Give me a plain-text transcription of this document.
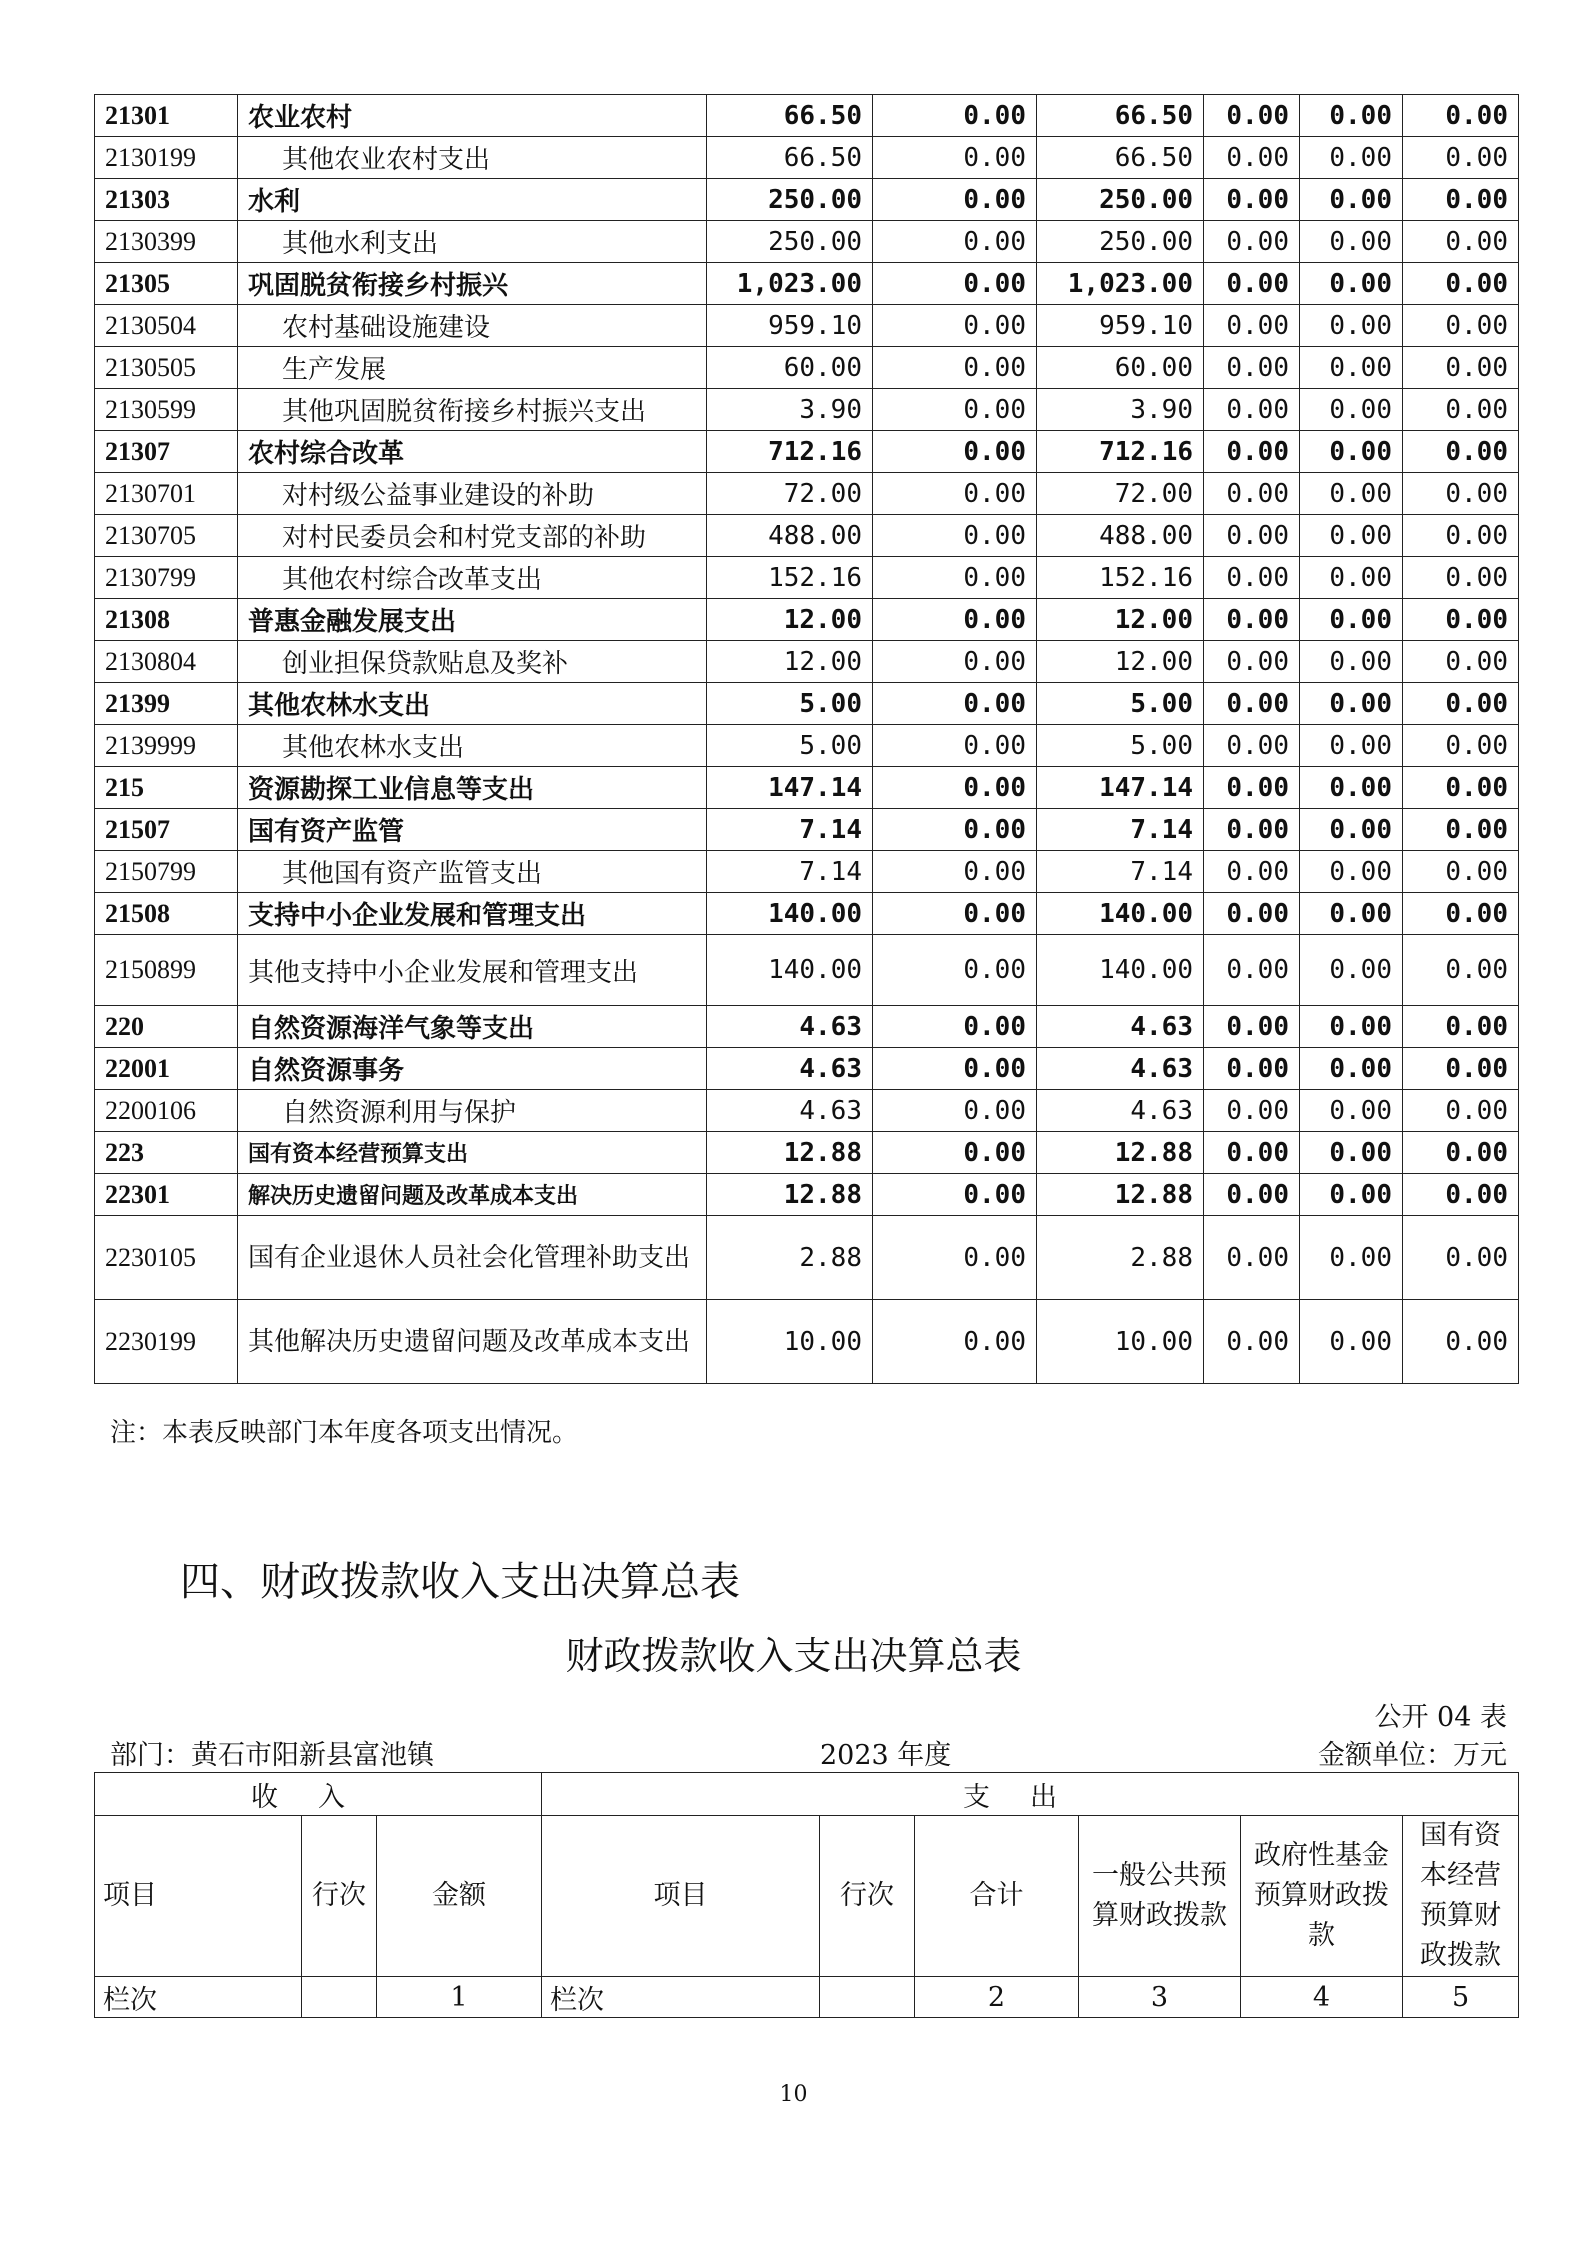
21301	农业农村	66.50	0.00	66.50	0.00	0.00	0.00
2130199	其他农业农村支出	66.50	0.00	66.50	0.00	0.00	0.00
21303	水利	250.00	0.00	250.00	0.00	0.00	0.00
2130399	其他水利支出	250.00	0.00	250.00	0.00	0.00	0.00
21305	巩固脱贫衔接乡村振兴	1,023.00	0.00	1,023.00	0.00	0.00	0.00
2130504	农村基础设施建设	959.10	0.00	959.10	0.00	0.00	0.00
2130505	生产发展	60.00	0.00	60.00	0.00	0.00	0.00
2130599	其他巩固脱贫衔接乡村振兴支出	3.90	0.00	3.90	0.00	0.00	0.00
21307	农村综合改革	712.16	0.00	712.16	0.00	0.00	0.00
2130701	对村级公益事业建设的补助	72.00	0.00	72.00	0.00	0.00	0.00
2130705	对村民委员会和村党支部的补助	488.00	0.00	488.00	0.00	0.00	0.00
2130799	其他农村综合改革支出	152.16	0.00	152.16	0.00	0.00	0.00
21308	普惠金融发展支出	12.00	0.00	12.00	0.00	0.00	0.00
2130804	创业担保贷款贴息及奖补	12.00	0.00	12.00	0.00	0.00	0.00
21399	其他农林水支出	5.00	0.00	5.00	0.00	0.00	0.00
2139999	其他农林水支出	5.00	0.00	5.00	0.00	0.00	0.00
215	资源勘探工业信息等支出	147.14	0.00	147.14	0.00	0.00	0.00
21507	国有资产监管	7.14	0.00	7.14	0.00	0.00	0.00
2150799	其他国有资产监管支出	7.14	0.00	7.14	0.00	0.00	0.00
21508	支持中小企业发展和管理支出	140.00	0.00	140.00	0.00	0.00	0.00
2150899	其他支持中小企业发展和管理支出	140.00	0.00	140.00	0.00	0.00	0.00
220	自然资源海洋气象等支出	4.63	0.00	4.63	0.00	0.00	0.00
22001	自然资源事务	4.63	0.00	4.63	0.00	0.00	0.00
2200106	自然资源利用与保护	4.63	0.00	4.63	0.00	0.00	0.00
223	国有资本经营预算支出	12.88	0.00	12.88	0.00	0.00	0.00
22301	解决历史遗留问题及改革成本支出	12.88	0.00	12.88	0.00	0.00	0.00
2230105	国有企业退休人员社会化管理补助支出	2.88	0.00	2.88	0.00	0.00	0.00
2230199	其他解决历史遗留问题及改革成本支出	10.00	0.00	10.00	0.00	0.00	0.00
注：本表反映部门本年度各项支出情况。
四、财政拨款收入支出决算总表
财政拨款收入支出决算总表
公开 04 表
部门：黄石市阳新县富池镇	2023 年度	金额单位：万元
收入			支出					
项目	行次	金额	项目	行次	合计	一般公共预算财政拨款	政府性基金预算财政拨款	国有资本经营预算财政拨款
栏次		1	栏次		2	3	4	5
10
